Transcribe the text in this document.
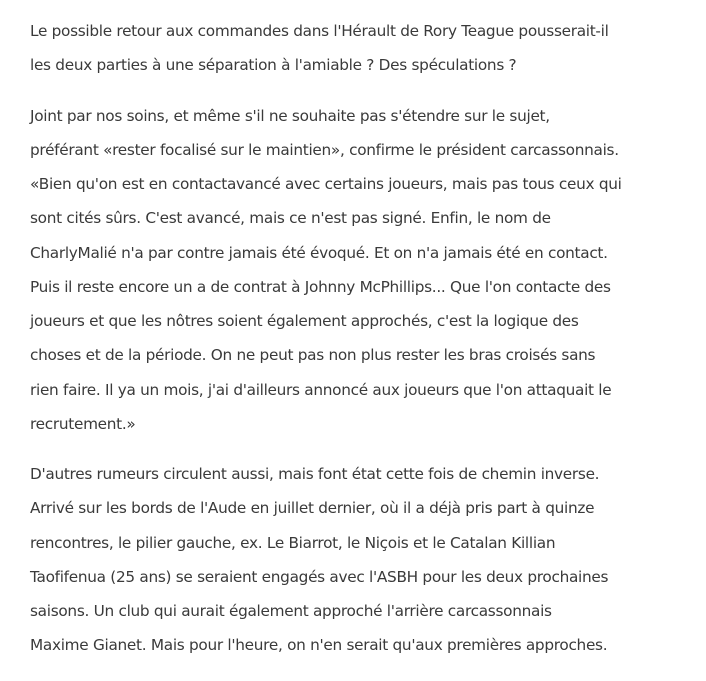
Le possible retour aux commandes dans l'Hérault de Rory Teague pousserait-il
les deux parties à une séparation à l'amiable ? Des spéculations ?

Joint par nos soins, et même s'il ne souhaite pas s'étendre sur le sujet,
préférant «rester focalisé sur le maintien», confirme le président carcassonnais.
«Bien qu'on est en contactavancé avec certains joueurs, mais pas tous ceux qui
sont cités sûrs. C'est avancé, mais ce n'est pas signé. Enfin, le nom de
CharlyMalié n'a par contre jamais été évoqué. Et on n'a jamais été en contact.
Puis il reste encore un a de contrat à Johnny McPhillips... Que l'on contacte des
joueurs et que les nôtres soient également approchés, c'est la logique des
choses et de la période. On ne peut pas non plus rester les bras croisés sans
rien faire. Il ya un mois, j'ai d'ailleurs annoncé aux joueurs que l'on attaquait le
recrutement.»

D'autres rumeurs circulent aussi, mais font état cette fois de chemin inverse.
Arrivé sur les bords de l'Aude en juillet dernier, où il a déjà pris part à quinze
rencontres, le pilier gauche, ex. Le Biarrot, le Niçois et le Catalan Killian
Taofifenua (25 ans) se seraient engagés avec l'ASBH pour les deux prochaines
saisons. Un club qui aurait également approché l'arrière carcassonnais
Maxime Gianet. Mais pour l'heure, on n'en serait qu'aux premières approches.
